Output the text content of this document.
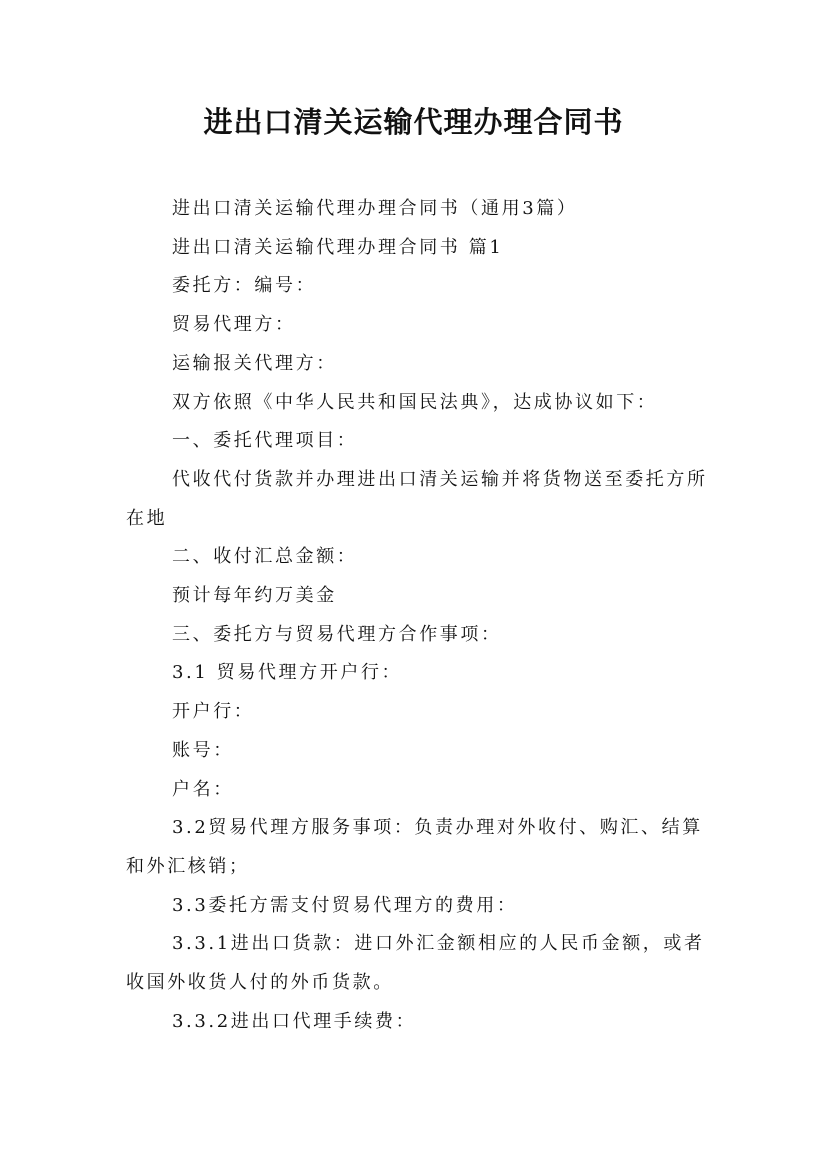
进出口清关运输代理办理合同书

进出口清关运输代理办理合同书（通用3篇）

进出口清关运输代理办理合同书 篇1

委托方：编号：

贸易代理方：

运输报关代理方：

双方依照《中华人民共和国民法典》，达成协议如下：

一、委托代理项目：

代收代付货款并办理进出口清关运输并将货物送至委托方所在地

二、收付汇总金额：

预计每年约万美金

三、委托方与贸易代理方合作事项：

3.1 贸易代理方开户行：

开户行：

账号：

户名：

3.2贸易代理方服务事项：负责办理对外收付、购汇、结算和外汇核销；

3.3委托方需支付贸易代理方的费用：

3.3.1进出口货款：进口外汇金额相应的人民币金额，或者收国外收货人付的外币货款。

3.3.2进出口代理手续费：
